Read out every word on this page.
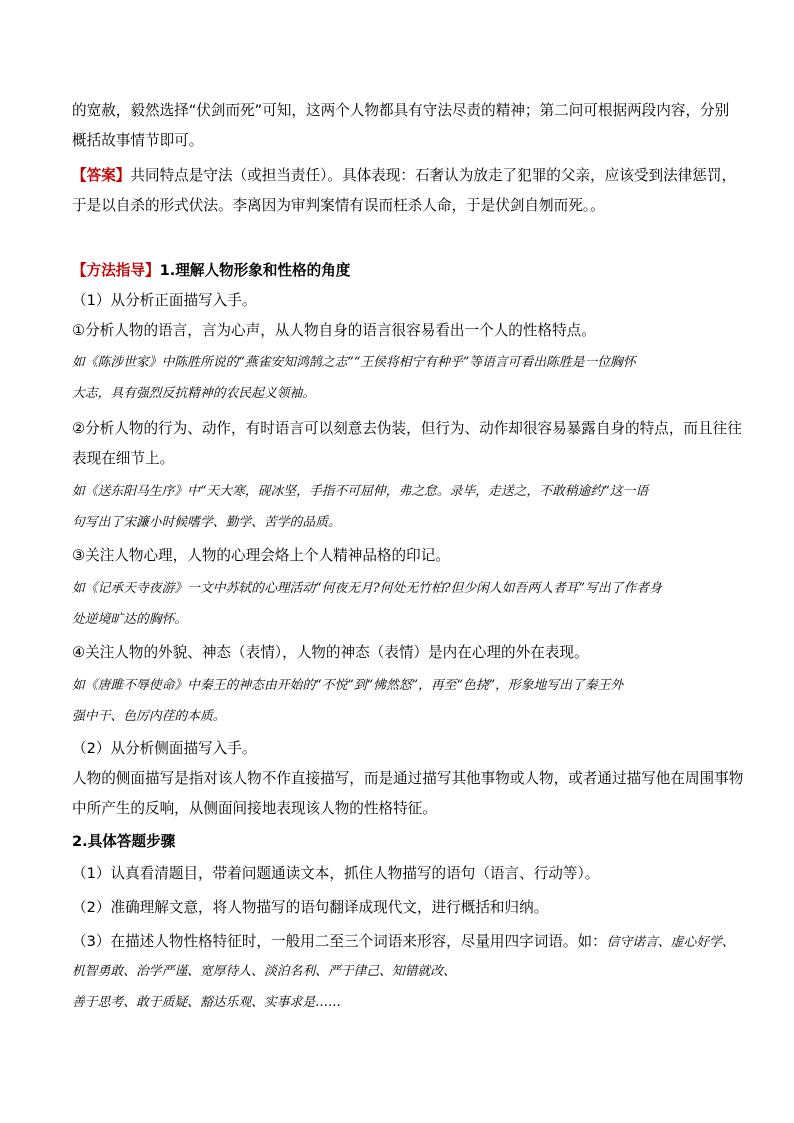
的宽赦，毅然选择“伏剑而死”可知，这两个人物都具有守法尽责的精神；第二问可根据两段内容，分别
概括故事情节即可。
【答案】共同特点是守法（或担当责任）。具体表现：石奢认为放走了犯罪的父亲，应该受到法律惩罚，
于是以自杀的形式伏法。李离因为审判案情有误而枉杀人命，于是伏剑自刎而死。。
【方法指导】1.理解人物形象和性格的角度
（1）从分析正面描写入手。
①分析人物的语言，言为心声，从人物自身的语言很容易看出一个人的性格特点。
如《陈涉世家》中陈胜所说的“燕雀安知鸿鹄之志”“王侯将相宁有种乎”等语言可看出陈胜是一位胸怀
大志，具有强烈反抗精神的农民起义领袖。
②分析人物的行为、动作，有时语言可以刻意去伪装，但行为、动作却很容易暴露自身的特点，而且往往
表现在细节上。
如《送东阳马生序》中“天大寒，砚冰坚，手指不可屈伸，弗之怠。录毕，走送之，不敢稍逾约”这一语
句写出了宋濂小时候嗜学、勤学、苦学的品质。
③关注人物心理，人物的心理会烙上个人精神品格的印记。
如《记承天寺夜游》一文中苏轼的心理活动“何夜无月?何处无竹柏?但少闲人如吾两人者耳”写出了作者身
处逆境旷达的胸怀。
④关注人物的外貌、神态（表情），人物的神态（表情）是内在心理的外在表现。
如《唐雎不辱使命》中秦王的神态由开始的“不悦”到“怫然怒”，再至“色挠”，形象地写出了秦王外
强中干、色厉内荏的本质。
（2）从分析侧面描写入手。
人物的侧面描写是指对该人物不作直接描写，而是通过描写其他事物或人物，或者通过描写他在周围事物
中所产生的反响，从侧面间接地表现该人物的性格特征。
2.具体答题步骤
（1）认真看清题目，带着问题通读文本，抓住人物描写的语句（语言、行动等）。
（2）准确理解文意，将人物描写的语句翻译成现代文，进行概括和归纳。
（3）在描述人物性格特征时，一般用二至三个词语来形容，尽量用四字词语。如：信守诺言、虚心好学、
机智勇敢、治学严谨、宽厚待人、淡泊名利、严于律己、知错就改、
善于思考、敢于质疑、豁达乐观、实事求是……
